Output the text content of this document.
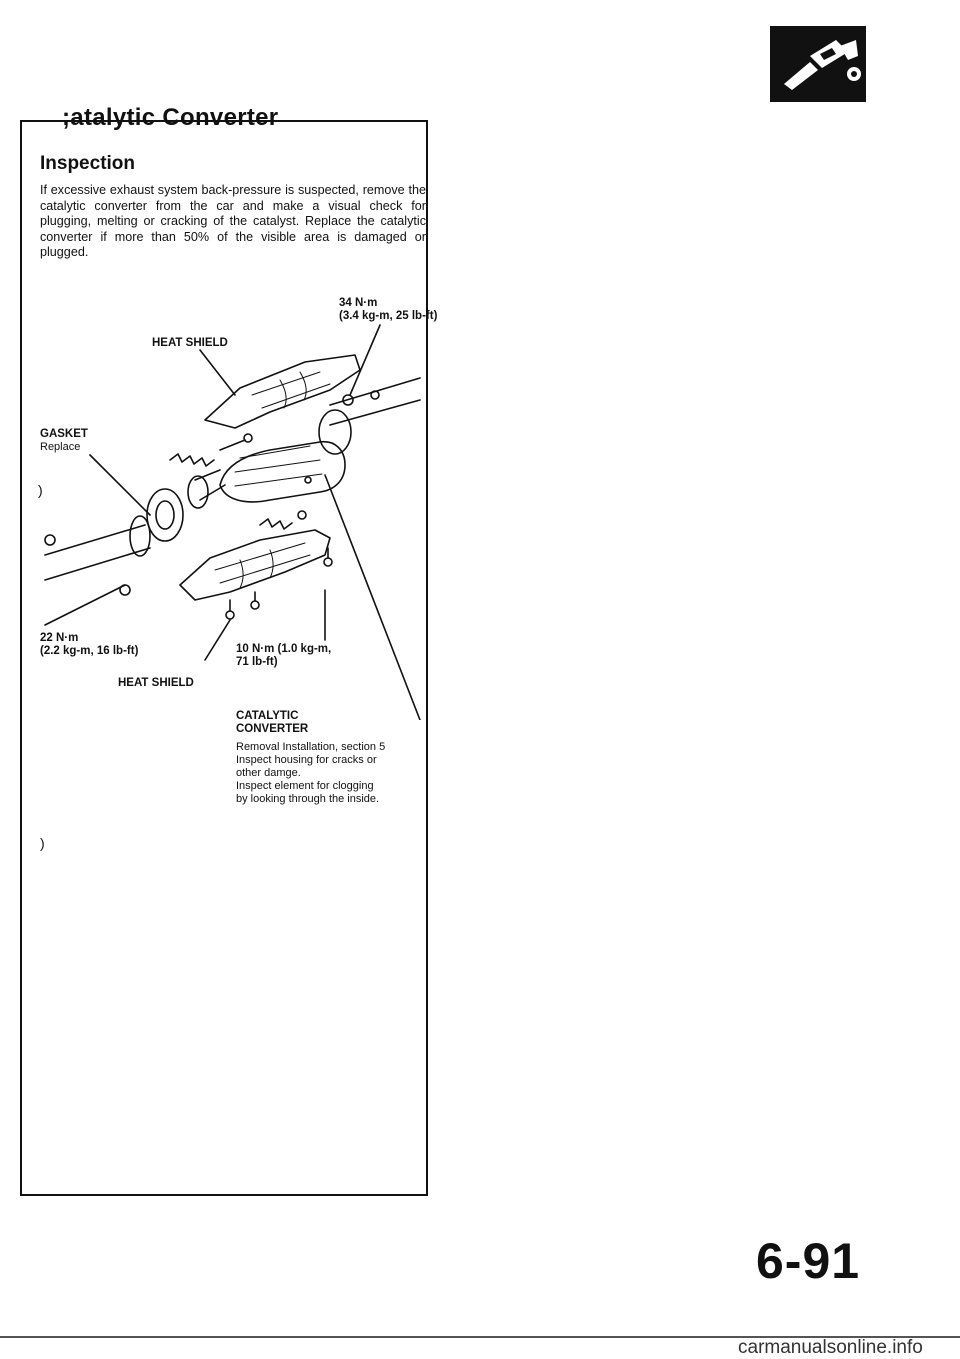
;atalytic Converter
Inspection
If excessive exhaust system back-pressure is suspected, remove the catalytic converter from the car and make a visual check for plugging, melting or cracking of the catalyst. Replace the catalytic converter if more than 50% of the visible area is damaged or plugged.
34 N·m
(3.4 kg-m, 25 lb-ft)
HEAT SHIELD
GASKET
Replace
22 N·m
(2.2 kg-m, 16 lb-ft)	10 N·m (1.0 kg-m,
71 lb-ft)
HEAT SHIELD
CATALYTIC
CONVERTER
Removal Installation, section 5
Inspect housing for cracks or
other damge.
Inspect element for clogging
by looking through the inside.
)
)
6-91
carmanualsonline.info
